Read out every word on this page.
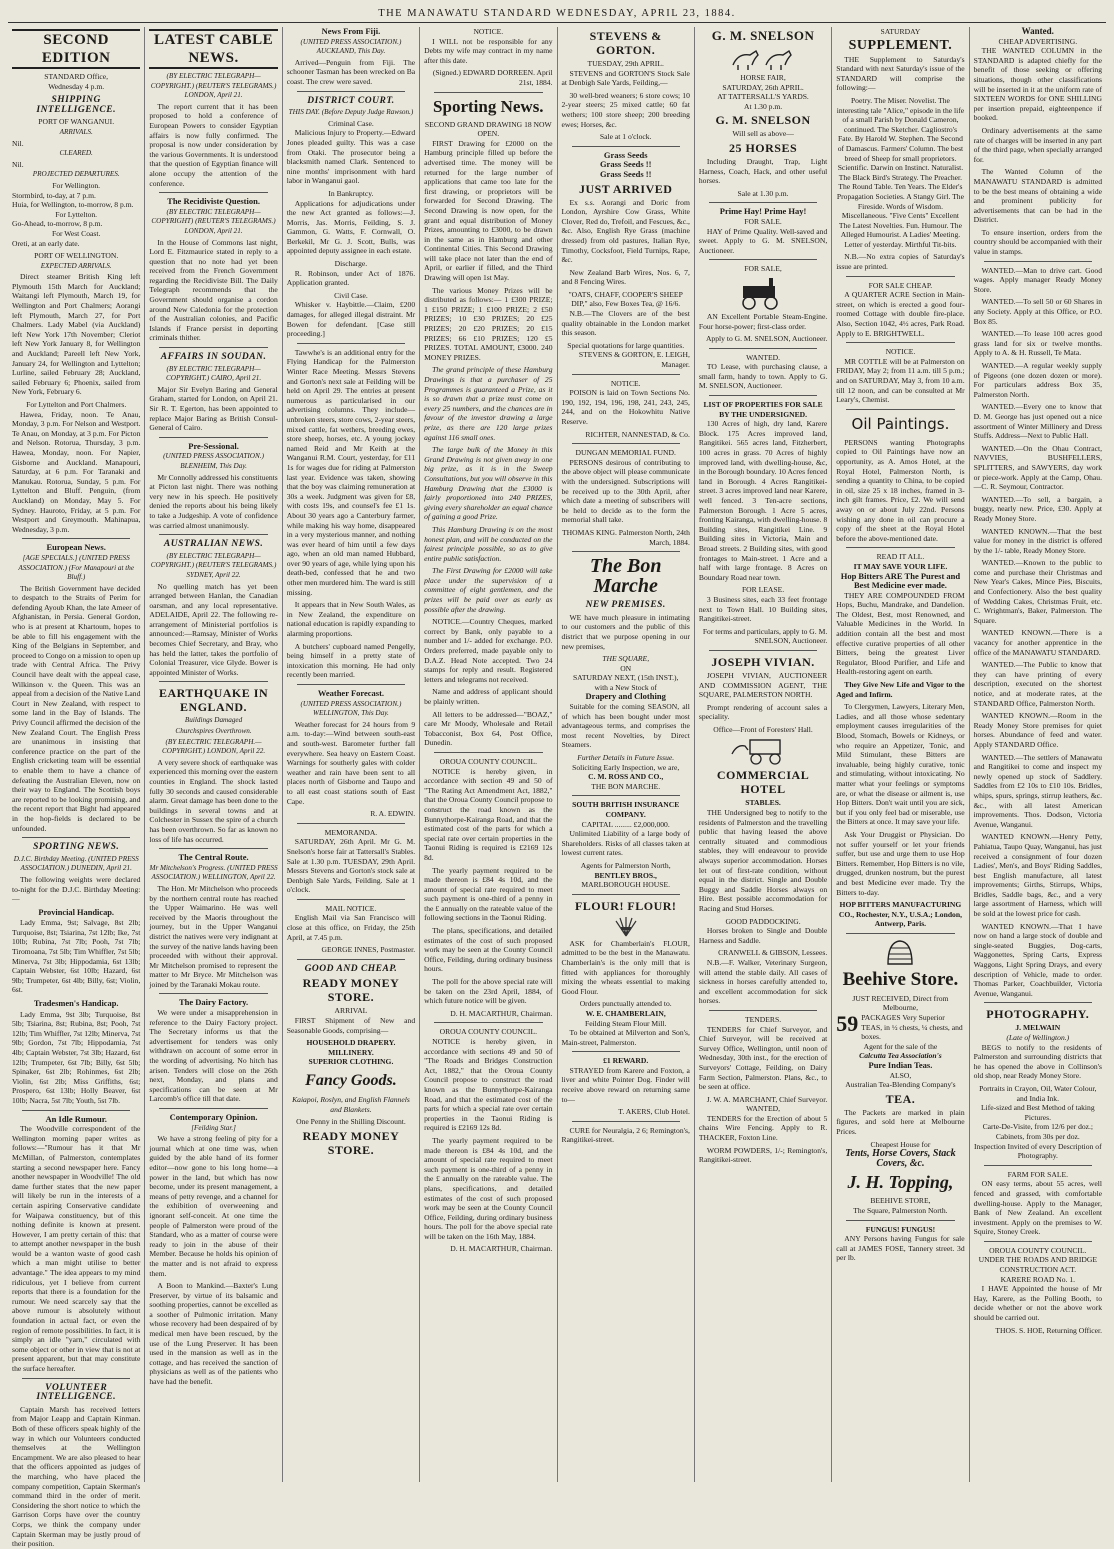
THE MANAWATU STANDARD WEDNESDAY, APRIL 23, 1884.
SECOND EDITION
STANDARD Office,
Wednesday 4 p.m.
SHIPPING INTELLIGENCE.
PORT OF WANGANUI.
ARRIVALS.
Nil.
CLEARED.
Nil.
PROJECTED DEPARTURES.
For Wellington.
Stormbird, to-day, at 7 p.m.
Huia, for Wellington, to-morrow, 8 p.m.
For Lyttelton.
Go-Ahead, to-morrow, 8 p.m.
For West Coast.
Oreti, at an early date.
PORT OF WELLINGTON.
EXPECTED ARRIVALS.

Direct steamer British King left Plymouth 15th March for Auckland; Waitangi left Plymouth, March 19, for Wellington and Port Chalmers; Aorangi left Plymouth, March 27, for Port Chalmers. Lady Mabel (via Auckland) left New York 17th November; Cleriot left New York January 8, for Wellington and Auckland; Pareell left New York, January 24, for Wellington and Lyttelton; Lurline, sailed February 28; Auckland, sailed February 6; Phoenix, sailed from New York, February 6.

For Lyttelton and Port Chalmers.

Hawea, Friday, noon. Te Anau, Monday, 3 p.m. For Nelson and Westport. Te Anau, on Monday, at 3 p.m. For Picton and Nelson. Rotorua, Thursday, 3 p.m. Hawea, Monday, noon. For Napier, Gisborne and Auckland. Manapouri, Saturday, at 6 p.m. For Taranaki and Manukau. Rotorua, Sunday, 5 p.m. For Lyttelton and Bluff. Penguin, (from Auckland) on Monday, May 5. For Sydney. Hauroto, Friday, at 5 p.m. For Westport and Greymouth. Mahinapua, Wednesday, 3 p.m.

European News.
[AGE SPECIALS.] (UNITED PRESS ASSOCIATION.) (For Manapouri at the Bluff.)

The British Government have decided to despatch to the Straits of Perim for defending Ayoub Khan, the late Ameer of Afghanistan, in Persia. General Gordon, who is at present at Khartoum, hopes to be able to fill his engagement with the King of the Belgians in September, and proceed to Congo on a mission to open up trade with Central Africa. The Privy Council have dealt with the appeal case, Wilkinson v. the Queen. This was an appeal from a decision of the Native Land Court in New Zealand, with respect to some land in the Bay of Islands. The Privy Council affirmed the decision of the New Zealand Court. The English Press are unanimous in insisting that conference practice on the part of the English cricketing team will be essential to enable them to have a chance of defeating the Australian Eleven, now on their way to England. The Scottish boys are reported to be looking promising, and the recent report that Bight had appeared in the hop-fields is declared to be unfounded.

SPORTING NEWS.
D.J.C. Birthday Meeting. (UNITED PRESS ASSOCIATION.) DUNEDIN, April 21.

The following weights were declared to-night for the D.J.C. Birthday Meeting:—

Provincial Handicap.

Lady Emma, 9st; Salvage, 8st 2lb; Turquoise, 8st; Tsiarina, 7st 12lb; Ike, 7st 10lb; Rubina, 7st 7lb; Pooh, 7st 7lb; Tiromoana, 7st 5lb; Tim Whiffler, 7st 5lb; Minerva, 7st 3lb; Hippodamia, 6st 13lb; Captain Webster, 6st 10lb; Hazard, 6st 9lb; Trumpeter, 6st 4lb; Billy, 6st; Violin, 6st.

Tradesmen's Handicap.

Lady Emma, 9st 3lb; Turquoise, 8st 5lb; Tsiarina, 8st; Rubina, 8st; Pooh, 7st 12lb; Tim Whiffler, 7st 12lb; Minerva, 7st 9lb; Gordon, 7st 7lb; Hippodamia, 7st 4lb; Captain Webster, 7st 3lb; Hazard, 6st 12lb; Trumpeter, 6st 7lb; Billy, 6st 5lb; Spinaker, 6st 2lb; Rohinmes, 6st 2lb; Violin, 6st 2lb; Miss Griffiths, 6st; Prospero, 6st 13lb; Holly Beaver, 6st 10lb; Nacra, 5st 7lb; Youth, 5st 7lb.

An Idle Rumour.

The Woodville correspondent of the Wellington morning paper writes as follows:—"Rumour has it that Mr McMillan, of Palmerston, contemplates starting a second newspaper here. Fancy another newspaper in Woodville! The old dame further states that the new paper will likely be run in the interests of a certain aspiring Conservative candidate for Waipawa constituency, but of this nothing definite is known at present. However, I am pretty certain of this: that to attempt another newspaper in the bush would be a wanton waste of good cash which a man might utilise to better advantage." The idea appears to my mind ridiculous, yet I believe from current reports that there is a foundation for the rumour. We need scarcely say that the above rumour is absolutely without foundation in actual fact, or even the region of remote possibilities. In fact, it is simply an idle "yarn," circulated with some object or other in view that is not at present apparent, but that may constitute the surface hereafter.

VOLUNTEER INTELLIGENCE.

Captain Marsh has received letters from Major Leapp and Captain Kinman. Both of these officers speak highly of the way in which our Volunteers conducted themselves at the Wellington Encampment. We are also pleased to hear that the officers appointed as judges of the marching, who have placed the company competition, Captain Skerman's command third in the order of merit. Considering the short notice to which the Garrison Corps have over the country Corps, we think the company under Captain Skerman may be justly proud of their position.

LATEST CABLE NEWS.
(BY ELECTRIC TELEGRAPH—COPYRIGHT.) (REUTER'S TELEGRAMS.) LONDON, April 21.

The report current that it has been proposed to hold a conference of European Powers to consider Egyptian affairs is now fully confirmed. The proposal is now under consideration by the various Governments. It is understood that the question of Egyptian finance will alone occupy the attention of the conference.

The Recidiviste Question.
(BY ELECTRIC TELEGRAPH—COPYRIGHT) (REUTER'S TELEGRAMS.) LONDON, April 21.

In the House of Commons last night, Lord E. Fitzmaurice stated in reply to a question that no note had yet been received from the French Government regarding the Recidiviste Bill. The Daily Telegraph recommends that the Government should organise a cordon around New Caledonia for the protection of the Australian colonies, and Pacific Islands if France persist in deporting criminals thither.

AFFAIRS IN SOUDAN.
(BY ELECTRIC TELEGRAPH—COPYRIGHT.) CAIRO, April 21.

Major Sir Evelyn Baring and General Graham, started for London, on April 21. Sir R. T. Egerton, has been appointed to replace Major Baring as British Consul-General of Cairo.

Pre-Sessional.
(UNITED PRESS ASSOCIATION.) BLENHEIM, This Day.

Mr Connolly addressed his constituents at Picton last night. There was nothing very new in his speech. He positively denied the reports about his being likely to take a Judgeship. A vote of confidence was carried almost unanimously.

AUSTRALIAN NEWS.
(BY ELECTRIC TELEGRAPH—COPYRIGHT.) (REUTER'S TELEGRAMS.) SYDNEY, April 22.

No quelling match has yet been arranged between Hanlan, the Canadian oarsman, and any local representative. ADELAIDE, April 22. The following re-arrangement of Ministerial portfolios is announced:—Ramsay, Minister of Works becomes Chief Secretary, and Bray, who has held the latter, takes the portfolio of Colonial Treasurer, vice Glyde. Bower is appointed Minister of Works.

EARTHQUAKE IN ENGLAND.
Buildings Damaged
Churchspires Overthrown.
(BY ELECTRIC TELEGRAPH.—COPYRIGHT.) LONDON, April 22.

A very severe shock of earthquake was experienced this morning over the eastern counties in England. The shock lasted fully 30 seconds and caused considerable alarm. Great damage has been done to the buildings in several towns and at Colchester in Sussex the spire of a church has been overthrown. So far as known no loss of life has occurred.

The Central Route.
Mr Mitchelson's Progress. (UNITED PRESS ASSOCIATION.) WELLINGTON, April 22.

The Hon. Mr Mitchelson who proceeds by the northern central route has reached the Upper Waimarino. He was well received by the Maoris throughout the journey, but in the Upper Wanganui district the natives were very indignant at the survey of the native lands having been proceeded with without their approval. Mr Mitchelson promised to represent the matter to Mr Bryce. Mr Mitchelson was joined by the Taranaki Mokau route.

The Dairy Factory.

We were under a misapprehension in reference to the Dairy Factory project. The Secretary informs us that the advertisement for tenders was only withdrawn on account of some error in the wording of advertising. No hitch has arisen. Tenders will close on the 26th next, Monday, and plans and specifications can be seen at Mr Larcomb's office till that date.

Contemporary Opinion.
[Feilding Star.]

We have a strong feeling of pity for a journal which at one time was, when guided by the able hand of its former editor—now gone to his long home—a power in the land, but which has now become, under its present management, a means of petty revenge, and a channel for the exhibition of overweening and ignorant self-conceit. At one time the people of Palmerston were proud of the Standard, who as a matter of course were ready to join in the abuse of their Member. Because he holds his opinion of the matter and is not afraid to express them.

A Boon to Mankind.—Baxter's Lung Preserver, by virtue of its balsamic and soothing properties, cannot be excelled as a soother of Pulmonic irritation. Many whose recovery had been despaired of by medical men have been rescued, by the use of the Lung Preserver. It has been used in the mansion as well as in the cottage, and has received the sanction of physicians as well as of the patients who have had the benefit.

News From Fiji.
(UNITED PRESS ASSOCIATION.) AUCKLAND, This Day.

Arrived—Penguin from Fiji. The schooner Tasman has been wrecked on Ba coast. The crew were saved.

DISTRICT COURT.
THIS DAY. (Before Deputy Judge Rawson.)
Criminal Case.

Malicious Injury to Property.—Edward Jones pleaded guilty. This was a case from Otaki. The prosecutor being a blacksmith named Clark. Sentenced to nine months' imprisonment with hard labor in Wanganui gaol.

In Bankruptcy.

Applications for adjudications under the new Act granted as follows:—J. Morris, Jas. Morris, Feilding, S. J. Gammon, G. Watts, F. Cornwall, O. Berkekil, Mr G. J. Scott, Bulls, was appointed deputy assignee in each estate.

Discharge.

R. Robinson, under Act of 1876. Application granted.

Civil Case.

Whisker v. Haybittle.—Claim, £200 damages, for alleged illegal distraint. Mr Bowen for defendant. [Case still proceeding.]

Tawwhe's is an additional entry for the Flying Handicap for the Palmerston Winter Race Meeting. Messrs Stevens and Gorton's next sale at Feilding will be held on April 29. The entries at present numerous as particularised in our advertising columns. They include—unbroken steers, store cows, 2-year steers, mixed cattle, fat wethers, breeding ewes, store sheep, horses, etc. A young jockey named Reid and Mr Keith at the Wanganui R.M. Court, yesterday, for £11 1s for wages due for riding at Palmerston last year. Evidence was taken, showing that the boy was claiming remuneration at 30s a week. Judgment was given for £8, with costs 19s, and counsel's fee £1 1s. About 30 years ago a Canterbury farmer, while making his way home, disappeared in a very mysterious manner, and nothing was ever heard of him until a few days ago, when an old man named Hubbard, over 90 years of age, while lying upon his death-bed, confessed that he and two other men murdered him. The ward is still missing.

It appears that in New South Wales, as in New Zealand, the expenditure on national education is rapidly expanding to alarming proportions.

A butchers' cupboard named Pengelly, being himself in a pretty state of intoxication this morning. He had only recently been married.

Weather Forecast.
(UNITED PRESS ASSOCIATION.) WELLINGTON, This Day.

Weather forecast for 24 hours from 9 a.m. to-day:—Wind between south-east and south-west. Barometer further fall everywhere. Sea heavy on Eastern Coast. Warnings for southerly gales with colder weather and rain have been sent to all places north of Gisborne and Taupo and to all east coast stations south of East Cape.

R. A. EDWIN.
MEMORANDA.

SATURDAY, 26th April. Mr G. M. Snelson's horse fair at Tattersall's Stables. Sale at 1.30 p.m. TUESDAY, 29th April. Messrs Stevens and Gorton's stock sale at Denbigh Sale Yards, Feilding. Sale at 1 o'clock.

MAIL NOTICE.

English Mail via San Francisco will close at this office, on Friday, the 25th April, at 7.45 p.m.

GEORGE INNES, Postmaster.
GOOD AND CHEAP.
READY MONEY STORE.
ARRIVAL

FIRST Shipment of New and Seasonable Goods, comprising—

HOUSEHOLD DRAPERY.
MILLINERY.
SUPERIOR CLOTHING.
Fancy Goods.
Kaiapoi, Roslyn, and English Flannels and Blankets.
One Penny in the Shilling Discount.
READY MONEY STORE.
NOTICE.

I WILL not be responsible for any Debts my wife may contract in my name after this date.

(Signed.) EDWARD DORREEN. April 21st, 1884.
Sporting News.
SECOND GRAND DRAWING 18 NOW OPEN.

FIRST Drawing for £2000 on the Hamburg principle filled up before the advertised time. The money will be returned for the large number of applications that came too late for the first drawing, or proprietors will be forwarded for Second Drawing. The Second Drawing is now open, for the grant and equal distribution of Money Prizes, amounting to £3000, to be drawn in the same as in Hamburg and other Continental Cities. This Second Drawing will take place not later than the end of April, or earlier if filled, and the Third Drawing will open 1st May.

The various Money Prizes will be distributed as follows:— 1 £300 PRIZE; 1 £150 PRIZE; 1 £100 PRIZE; 2 £50 PRIZES; 10 £30 PRIZES; 20 £25 PRIZES; 20 £20 PRIZES; 20 £15 PRIZES; 66 £10 PRIZES; 120 £5 PRIZES. TOTAL AMOUNT, £3000. 240 MONEY PRIZES.

The grand principle of these Hamburg Drawings is that a purchaser of 25 Programmes is guaranteed a Prize, as it is so drawn that a prize must come on every 25 numbers, and the chances are in favour of the investor drawing a large prize, as there are 120 large prizes against 116 small ones.

The large bulk of the Money in this Grand Drawing is not given away in one big prize, as it is in the Sweep Consultations, but you will observe in this Hamburg Drawing that the £3000 is fairly proportioned into 240 PRIZES, giving every shareholder an equal chance of gaining a good Prize.

This Hamburg Drawing is on the most honest plan, and will be conducted on the fairest principle possible, so as to give entire public satisfaction.

The First Drawing for £2000 will take place under the supervision of a committee of eight gentlemen, and the prizes will be paid over as early as possible after the drawing.

NOTICE.—Country Cheques, marked correct by Bank, only payable to a number and 1/- added for exchange. P.O. Orders preferred, made payable only to D.A.Z. Head Note accepted. Two 24 stamps for reply and result. Registered letters and telegrams not received.

Name and address of applicant should be plainly written.

All letters to be addressed—"BOAZ," care Mr Moody, Wholesale and Retail Tobacconist, Box 64, Post Office, Dunedin.

OROUA COUNTY COUNCIL.

NOTICE is hereby given, in accordance with section 49 and 50 of "The Rating Act Amendment Act, 1882," that the Oroua County Council propose to construct the road known as the Bunnythorpe-Kairanga Road, and that the estimated cost of the parts for which a special rate over certain properties in the Taonui Riding is required is £2169 12s 8d.

The yearly payment required to be made thereon is £84 4s 10d, and the amount of special rate required to meet such payment is one-third of a penny in the £ annually on the rateable value of the following sections in the Taonui Riding.

The plans, specifications, and detailed estimates of the cost of such proposed work may be seen at the County Council Office, Feilding, during ordinary business hours.

The poll for the above special rate will be taken on the 23rd April, 1884, of which future notice will be given.

D. H. MACARTHUR, Chairman.
OROUA COUNTY COUNCIL.

NOTICE is hereby given, in accordance with sections 49 and 50 of "The Roads and Bridges Construction Act, 1882," that the Oroua County Council propose to construct the road known as the Bunnythorpe-Kairanga Road, and that the estimated cost of the parts for which a special rate over certain properties in the Taonui Riding is required is £2169 12s 8d.

The yearly payment required to be made thereon is £84 4s 10d, and the amount of special rate required to meet such payment is one-third of a penny in the £ annually on the rateable value. The plans, specifications, and detailed estimates of the cost of such proposed work may be seen at the County Council Office, Feilding, during ordinary business hours. The poll for the above special rate will be taken on the 16th May, 1884.

D. H. MACARTHUR, Chairman.
STEVENS & GORTON.
TUESDAY, 29th APRIL.

STEVENS and GORTON'S Stock Sale at Denbigh Sale Yards, Feilding,—

30 well-bred weaners; 6 store cows; 10 2-year steers; 25 mixed cattle; 60 fat wethers; 100 store sheep; 200 breeding ewes; Horses, &c.

Sale at 1 o'clock.
Grass Seeds
Grass Seeds !!
Grass Seeds !!
JUST ARRIVED

Ex s.s. Aorangi and Doric from London, Ayrshire Cow Grass, White Clover, Red do, Trefoil, and Fescues, &c., &c. Also, English Rye Grass (machine dressed) from old pastures, Italian Rye, Timothy, Cocksfoot, Field Turnips, Rape, &c.

New Zealand Barb Wires, Nos. 6, 7, and 8 Fencing Wires.

"OATS, CHAFF, COOPER'S SHEEP DIP," also, Few Boxes Tea, @ 16/6.

N.B.—The Clovers are of the best quality obtainable in the London market this season.

Special quotations for large quantities.
STEVENS & GORTON, E. LEIGH, Manager.
NOTICE.

POISON is laid on Town Sections No. 190, 192, 194, 196, 198, 241, 243, 245, 244, and on the Hokowhitu Native Reserve.

RICHTER, NANNESTAD, & Co.
DUNGAN MEMORIAL FUND.

PERSONS desirous of contributing to the above object will please communicate with the undersigned. Subscriptions will be received up to the 30th April, after which date a meeting of subscribers will be held to decide as to the form the memorial shall take.

THOMAS KING. Palmerston North, 24th March, 1884.
The Bon Marche
NEW PREMISES.

WE have much pleasure in intimating to our customers and the public of this district that we purpose opening in our new premises,

THE SQUARE,
ON
SATURDAY NEXT, (15th INST.),
with a New Stock of
Drapery and Clothing

Suitable for the coming SEASON, all of which has been bought under most advantageous terms, and comprises the most recent Novelties, by Direct Steamers.

Further Details in Future Issue.
Soliciting Early Inspection, we are,
C. M. ROSS AND CO.,
THE BON MARCHE.
SOUTH BRITISH INSURANCE COMPANY.
CAPITAL ......... £2,000,000.

Unlimited Liability of a large body of Shareholders. Risks of all classes taken at lowest current rates.

Agents for Palmerston North,
BENTLEY BROS.,
MARLBOROUGH HOUSE.
FLOUR! FLOUR!

ASK for Chamberlain's FLOUR, admitted to be the best in the Manawatu. Chamberlain's is the only mill that is fitted with appliances for thoroughly mixing the wheats essential to making Good Flour.

Orders punctually attended to.
W. E. CHAMBERLAIN,
Feilding Steam Flour Mill.

To be obtained at Milverton and Son's, Main-street, Palmerston.

£1 REWARD.

STRAYED from Karere and Foxton, a liver and white Pointer Dog. Finder will receive above reward on returning same to—

T. AKERS, Club Hotel.

CURE for Neuralgia, 2 6; Remington's, Rangitikei-street.

G. M. SNELSON
HORSE FAIR,
SATURDAY, 26th APRIL.
AT TATTERSALL'S YARDS.
At 1.30 p.m.
G. M. SNELSON
Will sell as above—
25 HORSES

Including Draught, Trap, Light Harness, Coach, Hack, and other useful horses.

Sale at 1.30 p.m.
Prime Hay! Prime Hay!
FOR SALE.

HAY of Prime Quality. Well-saved and sweet. Apply to G. M. SNELSON, Auctioneer.

FOR SALE,

AN Excellent Portable Steam-Engine. Four horse-power; first-class order.

Apply to G. M. SNELSON, Auctioneer.
WANTED.

TO Lease, with purchasing clause, a small farm, handy to town. Apply to G. M. SNELSON, Auctioneer.

LIST OF PROPERTIES FOR SALE BY THE UNDERSIGNED.

130 Acres of high, dry land, Karere Block. 175 Acres improved land, Rangitikei. 565 acres land, Fitzherbert, 100 acres in grass. 70 Acres of highly improved land, with dwelling-house, &c, in the Borough boundary. 10 Acres fenced land in Borough. 4 Acres Rangitikei-street. 3 acres improved land near Karere, well fenced. 3 Ten-acre sections, Palmerston Borough. 1 Acre 5 acres, fronting Kairanga, with dwelling-house. 8 Building sites, Rangitikei Line. 9 Building sites in Victoria, Main and Broad streets. 2 Building sites, with good frontages to Main-street. 1 Acre and a half with large frontage. 8 Acres on Boundary Road near town.

FOR LEASE.

3 Business sites, each 33 feet frontage next to Town Hall. 10 Building sites, Rangitikei-street.

For terms and particulars, apply to G. M. SNELSON, Auctioneer.
JOSEPH VIVIAN.

JOSEPH VIVIAN, AUCTIONEER AND COMMISSION AGENT, THE SQUARE, PALMERSTON NORTH.

Prompt rendering of account sales a speciality.

Office—Front of Foresters' Hall.
COMMERCIAL HOTEL
STABLES.

THE Undersigned beg to notify to the residents of Palmerston and the travelling public that having leased the above centrally situated and commodious stables, they will endeavour to provide always superior accommodation. Horses let out of first-rate condition, without equal in the district. Single and Double Buggy and Saddle Horses always on Hire. Best possible accommodation for Racing and Stud Horses.

GOOD PADDOCKING.

Horses broken to Single and Double Harness and Saddle.

CRANWELL & GIBSON, Lessees.

N.B.—F. Walker, Veterinary Surgeon, will attend the stable daily. All cases of sickness in horses carefully attended to, and excellent accommodation for sick horses.

TENDERS.

TENDERS for Chief Surveyor, and Chief Surveyor, will be received at Survey Office, Wellington, until noon of Wednesday, 30th inst., for the erection of Surveyors' Cottage, Feilding, on Dairy Farm Section, Palmerston. Plans, &c., to be seen at office.

J. W. A. MARCHANT, Chief Surveyor.
WANTED,

TENDERS for the Erection of about 5 chains Wire Fencing. Apply to R. THACKER, Foxton Line.

WORM POWDERS, 1/-; Remington's, Rangitikei-street.

SATURDAY
SUPPLEMENT.

THE Supplement to Saturday's Standard with next Saturday's issue of the STANDARD will comprise the following:—

Poetry. The Miser. Novelist. The interesting tale "Alice," episode in the life of a small Parish by Donald Cameron, continued. The Sketcher. Cagliostro's Fate. By Harold W. Stephen. The Second of Damascus. Farmers' Column. The best breed of Sheep for small proprietors. Scientific. Darwin on Instinct. Naturalist. The Black Bird's Strategy. The Preacher. The Round Table. Ten Years. The Elder's Propagation Societies. A Stangy Girl. The Fireside. Words of Wisdom. Miscellaneous. "Five Cents" Excellent The Latest Novelties. Fun. Humour. The Alleged Humourist. A Ladies' Meeting. Letter of yesterday. Mirthful Tit-bits.

N.B.—No extra copies of Saturday's issue are printed.

FOR SALE CHEAP.

A QUARTER ACRE Section in Main-street, on which is erected a good four-roomed Cottage with double fire-place. Also, Section 1042, 4½ acres, Park Road. Apply to E. BRIGHTWELL.

NOTICE.

MR COTTLE will be at Palmerston on FRIDAY, May 2; from 11 a.m. till 5 p.m.; and on SATURDAY, May 3, from 10 a.m. till 12 noon, and can be consulted at Mr Leary's, Chemist.

Oil Paintings.

PERSONS wanting Photographs copied to Oil Paintings have now an opportunity, as A. Amos Hotel, at the Royal Hotel, Palmerston North, is sending a quantity to China, to be copied in oil, size 25 x 18 inches, framed in 3-inch gilt frames. Price, £2. We will send away on or about July 22nd. Persons wishing any done in oil can procure a copy of the sheet at the Royal Hotel before the above-mentioned date.

READ IT ALL.
IT MAY SAVE YOUR LIFE.
Hop Bitters ARE The Purest and Best Medicine ever made.

THEY ARE COMPOUNDED FROM Hops, Buchu, Mandrake, and Dandelion. The Oldest, Best, most Renowned, and Valuable Medicines in the World. In addition contain all the best and most effective curative properties of all other Bitters, being the greatest Liver Regulator, Blood Purifier, and Life and Health-restoring agent on earth.

They Give New Life and Vigor to the Aged and Infirm.

To Clergymen, Lawyers, Literary Men, Ladies, and all those whose sedentary employment causes irregularities of the Blood, Stomach, Bowels or Kidneys, or who require an Appetizer, Tonic, and Mild Stimulant, these Bitters are invaluable, being highly curative, tonic and stimulating, without intoxicating. No matter what your feelings or symptoms are, or what the disease or ailment is, use Hop Bitters. Don't wait until you are sick, but if you only feel bad or miserable, use the Bitters at once. It may save your life.

Ask Your Druggist or Physician. Do not suffer yourself or let your friends suffer, but use and urge them to use Hop Bitters. Remember, Hop Bitters is no vile, drugged, drunken nostrum, but the purest and best Medicine ever made. Try the Bitters to-day.

HOP BITTERS MANUFACTURING CO., Rochester, N.Y., U.S.A.; London, Antwerp, Paris.
Beehive Store.
JUST RECEIVED, Direct from Melbourne,
59 PACKAGES Very Superior TEAS, in ½ chests, ¼ chests, and boxes.
Agent for the sale of the
Calcutta Tea Association's
Pure Indian Teas.
ALSO,
Australian Tea-Blending Company's
TEA.

The Packets are marked in plain figures, and sold here at Melbourne Prices.

Cheapest House for
Tents, Horse Covers, Stack Covers, &c.
J. H. Topping,
BEEHIVE STORE,
The Square, Palmerston North.
FUNGUS! FUNGUS!

ANY Persons having Fungus for sale call at JAMES FOSE, Tannery street. 3d per lb.

Wanted.
CHEAP ADVERTISING.

THE WANTED COLUMN in the STANDARD is adapted chiefly for the benefit of those seeking or offering situations, though other classifications will be inserted in it at the uniform rate of SIXTEEN WORDS for ONE SHILLING per insertion prepaid, eighteenpence if booked.

Ordinary advertisements at the same rate of charges will be inserted in any part of the third page, when specially arranged for.

The Wanted Column of the MANAWATU STANDARD is admitted to be the best means of obtaining a wide and prominent publicity for advertisements that can be had in the District.

To ensure insertion, orders from the country should be accompanied with their value in stamps.

WANTED.—Man to drive cart. Good wages. Apply manager Ready Money Store.

WANTED.—To sell 50 or 60 Shares in any Society. Apply at this Office, or P.O. Box 85.

WANTED.—To lease 100 acres good grass land for six or twelve months. Apply to A. & H. Russell, Te Mata.

WANTED.—A regular weekly supply of Pigeons (one dozen dozen or more). For particulars address Box 35, Palmerston North.

WANTED.—Every one to know that D. M. George has just opened out a nice assortment of Winter Millinery and Dress Stuffs. Address—Next to Public Hall.

WANTED.—On the Ohau Contract, NAVVIES, BUSHFELLERS, SPLITTERS, and SAWYERS, day work or piece-work. Apply at the Camp, Ohau.—C. R. Seymour, Contractor.

WANTED.—To sell, a bargain, a buggy, nearly new. Price, £30. Apply at Ready Money Store.

WANTED KNOWN.—That the best value for money in the district is offered by the 1/- table, Ready Money Store.

WANTED.—Known to the public to come and purchase their Christmas and New Year's Cakes, Mince Pies, Biscuits, and Confectionery. Also the best quality of Wedding Cakes, Christmas Fruit, etc. C. Wrightman's, Baker, Palmerston. The Square.

WANTED KNOWN.—There is a vacancy for another apprentice in the office of the MANAWATU STANDARD.

WANTED.—The Public to know that they can have printing of every description, executed on the shortest notice, and at moderate rates, at the STANDARD Office, Palmerston North.

WANTED KNOWN.—Room in the Ready Money Store premises for quiet horses. Abundance of feed and water. Apply STANDARD Office.

WANTED.—The settlers of Manawatu and Rangitikei to come and inspect my newly opened up stock of Saddlery. Saddles from £2 10s to £10 10s. Bridles, whips, spurs, springs, stirrup leathers, &c. &c., with all latest American improvements. Thos. Dodson, Victoria Avenue, Wanganui.

WANTED KNOWN.—Henry Petty, Pahiatua, Taupo Quay, Wanganui, has just received a consignment of four dozen Ladies', Men's, and Boys' Riding Saddles, best English manufacture, all latest improvements; Girths, Stirrups, Whips, Bridles, Saddle bags, &c., and a very large assortment of Harness, which will be sold at the lowest price for cash.

WANTED KNOWN.—That I have now on hand a large stock of double and single-seated Buggies, Dog-carts, Waggonettes, Spring Carts, Express Waggons, Light Spring Drays, and every description of Vehicle, made to order. Thomas Parker, Coachbuilder, Victoria Avenue, Wanganui.

PHOTOGRAPHY.
J. MELWAIN
(Late of Wellington.)

BEGS to notify to the residents of Palmerston and surrounding districts that he has opened the above in Collinson's old shop, near Ready Money Store.

Portraits in Crayon, Oil, Water Colour, and India Ink.
Life-sized and Best Method of taking Pictures.
Carte-De-Visite, from 12/6 per doz.; Cabinets, from 30s per doz.
Inspection Invited of every Description of Photography.
FARM FOR SALE.

ON easy terms, about 55 acres, well fenced and grassed, with comfortable dwelling-house. Apply to the Manager, Bank of New Zealand. An excellent investment. Apply on the premises to W. Squire, Stoney Creek.

OROUA COUNTY COUNCIL.
UNDER THE ROADS AND BRIDGE CONSTRUCTION ACT.
KARERE ROAD No. 1.

I HAVE Appointed the house of Mr Hay, Karere, as the Polling Booth, to decide whether or not the above work should be carried out.

THOS. S. HOE, Returning Officer.
